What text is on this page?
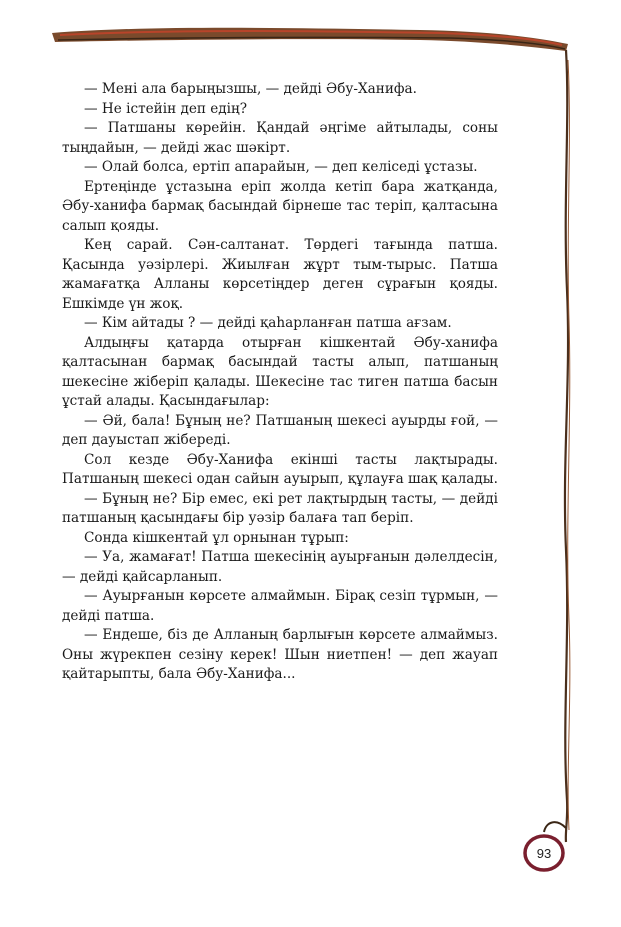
— Мені ала барыңызшы, — дейді Әбу-Ханифа.

— Не істейін деп едің?

— Патшаны көрейін. Қандай әңгіме айтылады, соны тыңдайын, — дейді жас шәкірт.

— Олай болса, ертіп апарайын, — деп келіседі ұстазы.

Ертеңінде ұстазына еріп жолда кетіп бара жатқанда, Әбу-ханифа бармақ басындай бірнеше тас теріп, қалтасына салып қояды.

Кең сарай. Сән-салтанат. Төрдегі тағында патша. Қасында уәзірлері. Жиылған жұрт тым-тырыс. Патша жамағатқа Алланы көрсетіңдер деген сұрағын қояды. Ешкімде үн жоқ.

— Кім айтады ? — дейді қаһарланған патша ағзам.

Алдыңғы қатарда отырған кішкентай Әбу-ханифа қалтасынан бармақ басындай тасты алып, патшаның шекесіне жіберіп қалады. Шекесіне тас тиген патша басын ұстай алады. Қасындағылар:

— Әй, бала! Бұның не? Патшаның шекесі ауырды ғой, — деп дауыстап жібереді.

Сол кезде Әбу-Ханифа екінші тасты лақтырады. Патшаның шекесі одан сайын ауырып, құлауға шақ қалады.

— Бұның не? Бір емес, екі рет лақтырдың тасты, — дейді патшаның қасындағы бір уәзір балаға тап беріп.

Сонда кішкентай ұл орнынан тұрып:

— Уа, жамағат! Патша шекесінің ауырғанын дәлелдесін,— дейді қайсарланып.

— Ауырғанын көрсете алмаймын. Бірақ сезіп тұрмын, — дейді патша.

— Ендеше, біз де Алланың барлығын көрсете алмаймыз. Оны жүрекпен сезіну керек! Шын ниетпен! — деп жауап қайтарыпты, бала Әбу-Ханифа...

93
